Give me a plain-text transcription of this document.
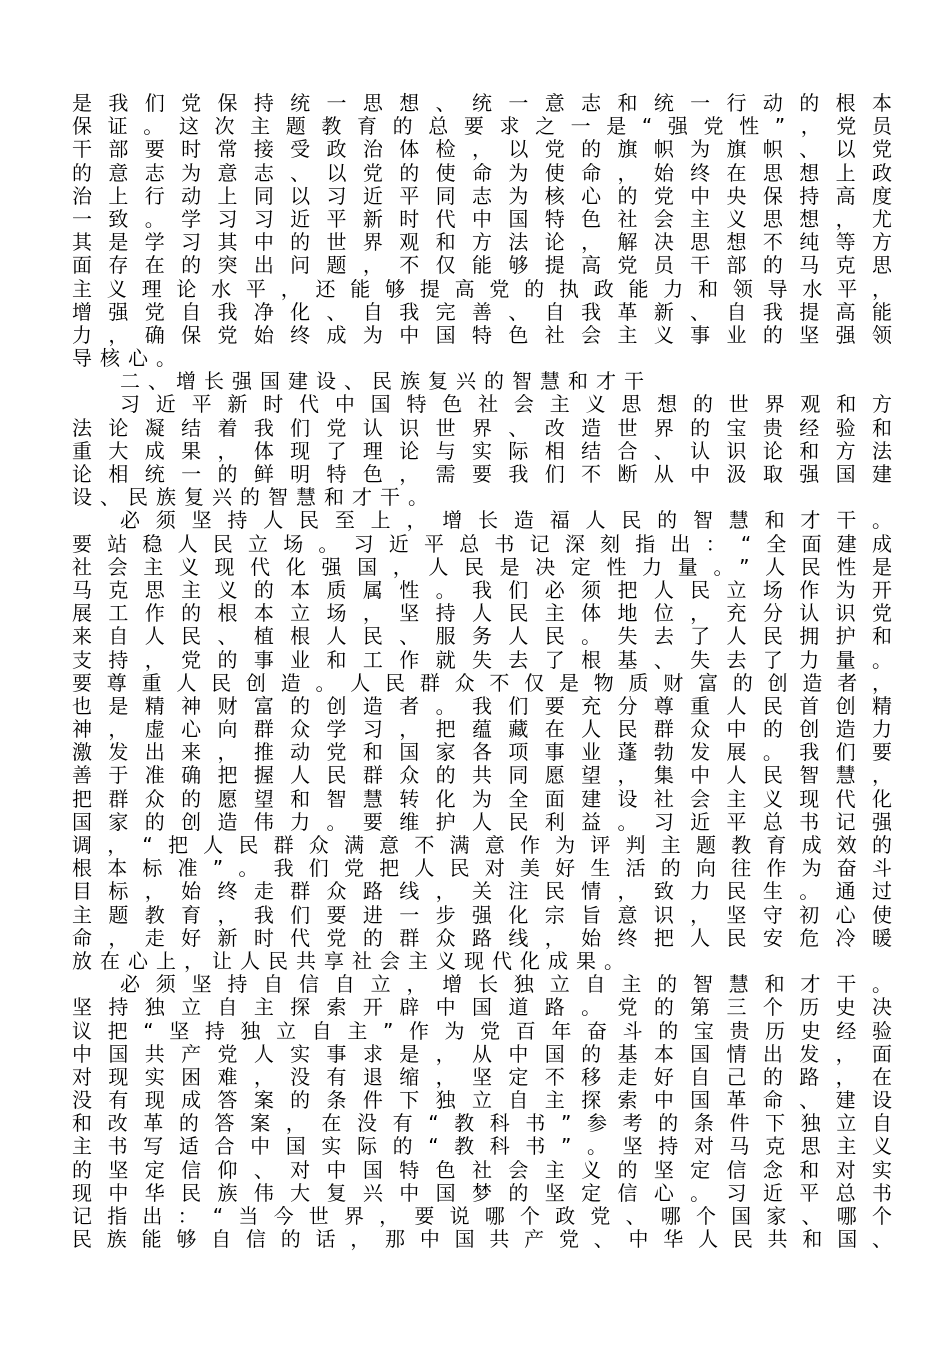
是我们党保持统一思想、统一意志和统一行动的根本
保证。这次主题教育的总要求之一是“强党性”，党员
干部要时常接受政治体检，以党的旗帜为旗帜、以党
的意志为意志、以党的使命为使命，始终在思想上政
治上行动上同以习近平同志为核心的党中央保持高度
一致。学习习近平新时代中国特色社会主义思想，尤
其是学习其中的世界观和方法论，解决思想不纯等方
面存在的突出问题，不仅能够提高党员干部的马克思
主义理论水平，还能够提高党的执政能力和领导水平，
增强党自我净化、自我完善、自我革新、自我提高能
力，确保党始终成为中国特色社会主义事业的坚强领
导核心。
二、增长强国建设、民族复兴的智慧和才干
习近平新时代中国特色社会主义思想的世界观和方
法论凝结着我们党认识世界、改造世界的宝贵经验和
重大成果，体现了理论与实际相结合、认识论和方法
论相统一的鲜明特色，需要我们不断从中汲取强国建
设、民族复兴的智慧和才干。
必须坚持人民至上，增长造福人民的智慧和才干。
要站稳人民立场。习近平总书记深刻指出：“全面建成
社会主义现代化强国，人民是决定性力量。”人民性是
马克思主义的本质属性。我们必须把人民立场作为开
展工作的根本立场，坚持人民主体地位，充分认识党
来自人民、植根人民、服务人民。失去了人民拥护和
支持，党的事业和工作就失去了根基、失去了力量。
要尊重人民创造。人民群众不仅是物质财富的创造者，
也是精神财富的创造者。我们要充分尊重人民首创精
神，虚心向群众学习，把蕴藏在人民群众中的创造力
激发出来，推动党和国家各项事业蓬勃发展。我们要
善于准确把握人民群众的共同愿望，集中人民智慧，
把群众的愿望和智慧转化为全面建设社会主义现代化
国家的创造伟力。要维护人民利益。习近平总书记强
调，“把人民群众满意不满意作为评判主题教育成效的
根本标准”。我们党把人民对美好生活的向往作为奋斗
目标，始终走群众路线，关注民情，致力民生。通过
主题教育，我们要进一步强化宗旨意识，坚守初心使
命，走好新时代党的群众路线，始终把人民安危冷暖
放在心上，让人民共享社会主义现代化成果。
必须坚持自信自立，增长独立自主的智慧和才干。
坚持独立自主探索开辟中国道路。党的第三个历史决
议把“坚持独立自主”作为党百年奋斗的宝贵历史经验
中国共产党人实事求是，从中国的基本国情出发，面
对现实困难，没有退缩，坚定不移走好自己的路，在
没有现成答案的条件下独立自主探索中国革命、建设
和改革的答案，在没有“教科书”参考的条件下独立自
主书写适合中国实际的“教科书”。坚持对马克思主义
的坚定信仰、对中国特色社会主义的坚定信念和对实
现中华民族伟大复兴中国梦的坚定信心。习近平总书
记指出：“当今世界，要说哪个政党、哪个国家、哪个
民族能够自信的话，那中国共产党、中华人民共和国、
